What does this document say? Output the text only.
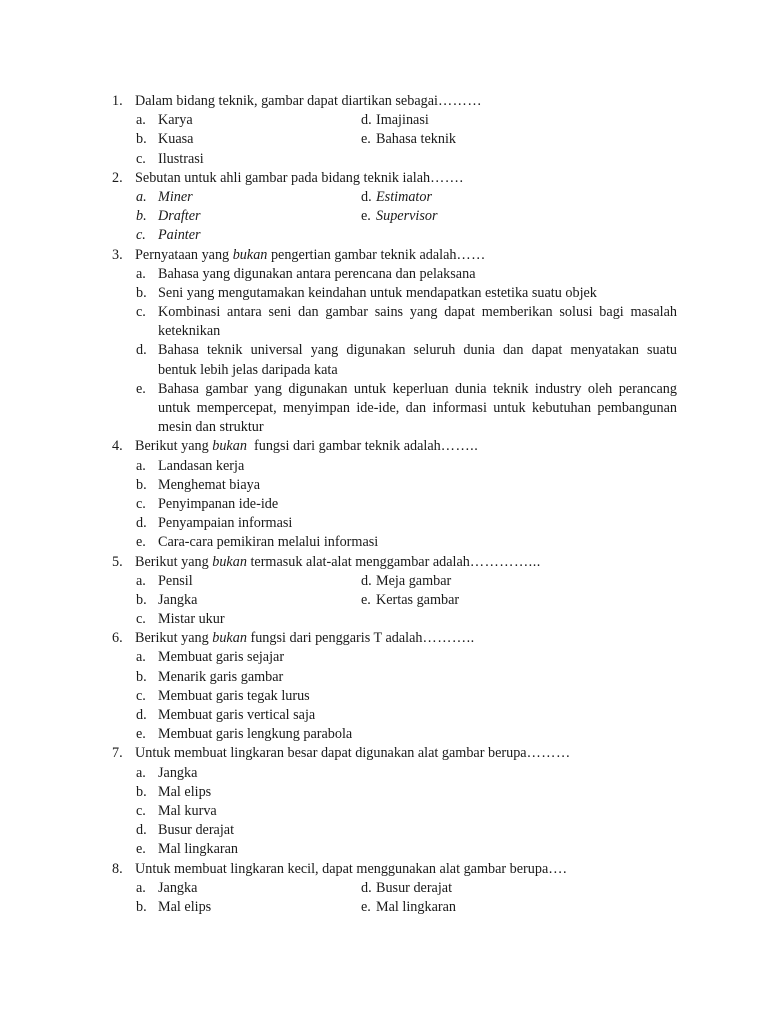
1. Dalam bidang teknik, gambar dapat diartikan sebagai………
a. Karya	d. Imajinasi
b. Kuasa	e. Bahasa teknik
c. Ilustrasi
2. Sebutan untuk ahli gambar pada bidang teknik ialah…….
a. Miner	d. Estimator
b. Drafter	e. Supervisor
c. Painter
3. Pernyataan yang bukan pengertian gambar teknik adalah……
a. Bahasa yang digunakan antara perencana dan pelaksana
b. Seni yang mengutamakan keindahan untuk mendapatkan estetika suatu objek
c. Kombinasi antara seni dan gambar sains yang dapat memberikan solusi bagi masalah
keteknikan
d. Bahasa teknik universal yang digunakan seluruh dunia dan dapat menyatakan suatu
bentuk lebih jelas daripada kata
e. Bahasa gambar yang digunakan untuk keperluan dunia teknik industry oleh perancang
untuk mempercepat, menyimpan ide-ide, dan informasi untuk kebutuhan pembangunan
mesin dan struktur
4. Berikut yang bukan  fungsi dari gambar teknik adalah……..
a. Landasan kerja
b. Menghemat biaya
c. Penyimpanan ide-ide
d. Penyampaian informasi
e. Cara-cara pemikiran melalui informasi
5. Berikut yang bukan termasuk alat-alat menggambar adalah…………...
a. Pensil	d. Meja gambar
b. Jangka	e. Kertas gambar
c. Mistar ukur
6. Berikut yang bukan fungsi dari penggaris T adalah………..
a. Membuat garis sejajar
b. Menarik garis gambar
c. Membuat garis tegak lurus
d. Membuat garis vertical saja
e. Membuat garis lengkung parabola
7. Untuk membuat lingkaran besar dapat digunakan alat gambar berupa………
a. Jangka
b. Mal elips
c. Mal kurva
d. Busur derajat
e. Mal lingkaran
8. Untuk membuat lingkaran kecil, dapat menggunakan alat gambar berupa….
a. Jangka	d. Busur derajat
b. Mal elips	e. Mal lingkaran
